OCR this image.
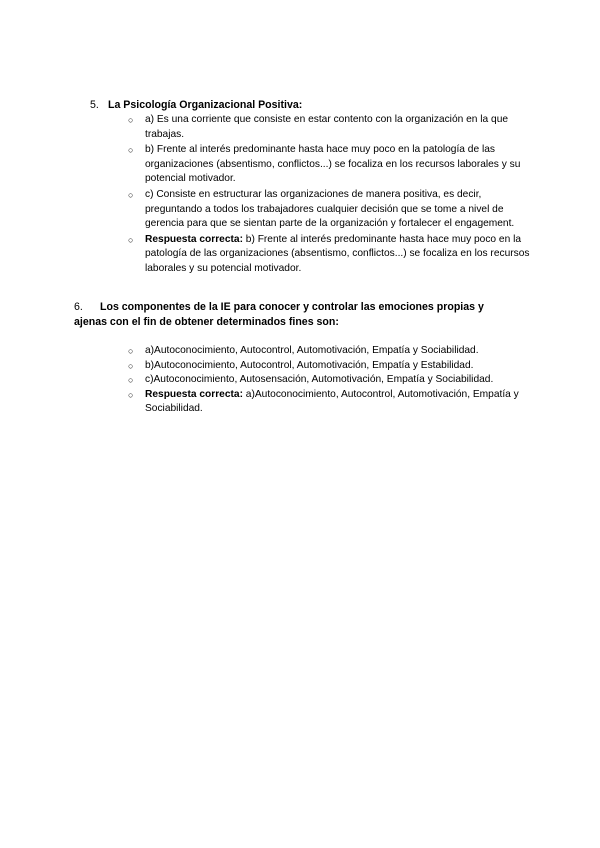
5. La Psicología Organizacional Positiva:
○ a) Es una corriente que consiste en estar contento con la organización en la que trabajas.
○ b) Frente al interés predominante hasta hace muy poco en la patología de las organizaciones (absentismo, conflictos...) se focaliza en los recursos laborales y su potencial motivador.
○ c) Consiste en estructurar las organizaciones de manera positiva, es decir, preguntando a todos los trabajadores cualquier decisión que se tome a nivel de gerencia para que se sientan parte de la organización y fortalecer el engagement.
○ Respuesta correcta: b) Frente al interés predominante hasta hace muy poco en la patología de las organizaciones (absentismo, conflictos...) se focaliza en los recursos laborales y su potencial motivador.
6. Los componentes de la IE para conocer y controlar las emociones propias y ajenas con el fin de obtener determinados fines son:
○ a)Autoconocimiento, Autocontrol, Automotivación, Empatía y Sociabilidad.
○ b)Autoconocimiento, Autocontrol, Automotivación, Empatía y Estabilidad.
○ c)Autoconocimiento, Autosensación, Automotivación, Empatía y Sociabilidad.
○ Respuesta correcta: a)Autoconocimiento, Autocontrol, Automotivación, Empatía y Sociabilidad.
